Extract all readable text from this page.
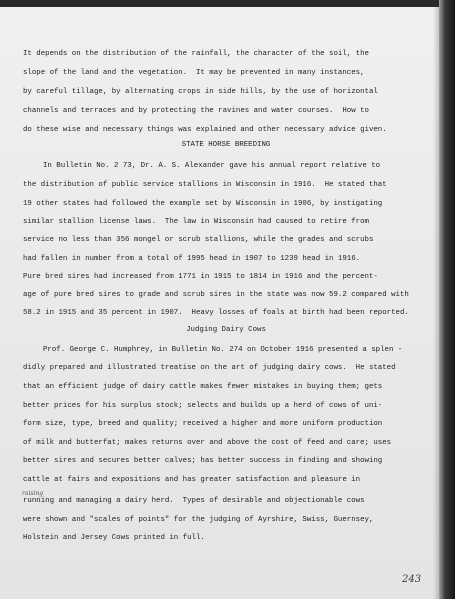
It depends on the distribution of the rainfall, the character of the soil, the
slope of the land and the vegetation.  It may be prevented in many instances,
by careful tillage, by alternating crops in side hills, by the use of horizontal
channels and terraces and by protecting the ravines and water courses.  How to
do these wise and necessary things was explained and other necessary advice given.
STATE HORSE BREEDING
In Bulletin No. 2 73, Dr. A. S. Alexander gave his annual report relative to
the distribution of public service stallions in Wisconsin in 1916.  He stated that
19 other states had followed the example set by Wisconsin in 1906, by instigating
similar stallion license laws.  The law in Wisconsin had caused to retire from
service no less than 356 mongel or scrub stallions, while the grades and scrubs
had fallen in number from a total of 1995 head in 1907 to 1239 head in 1916.
Pure bred sires had increased from 1771 in 1915 to 1814 in 1916 and the percent-
age of pure bred sires to grade and scrub sires in the state was now 59.2 compared with
58.2 in 1915 and 35 percent in 1907.  Heavy losses of foals at birth had been reported.
Judging Dairy Cows
Prof. George C. Humphrey, in Bulletin No. 274 on October 1916 presented a splen -
didly prepared and illustrated treatise on the art of judging dairy cows.  He stated
that an efficient judge of dairy cattle makes fewer mistakes in buying them; gets
better prices for his surplus stock; selects and builds up a herd of cows of uni-
form size, type, breed and quality; received a higher and more uniform production
of milk and butterfat; makes returns over and above the cost of feed and care; uses
better sires and secures better calves; has better success in finding and showing
cattle at fairs and expositions and has greater satisfaction and pleasure in
running and managing a dairy herd.  Types of desirable and objectionable cows
were shown and "scales of points" for the judging of Ayrshire, Swiss, Guernsey,
Holstein and Jersey Cows printed in full.
raising
243
